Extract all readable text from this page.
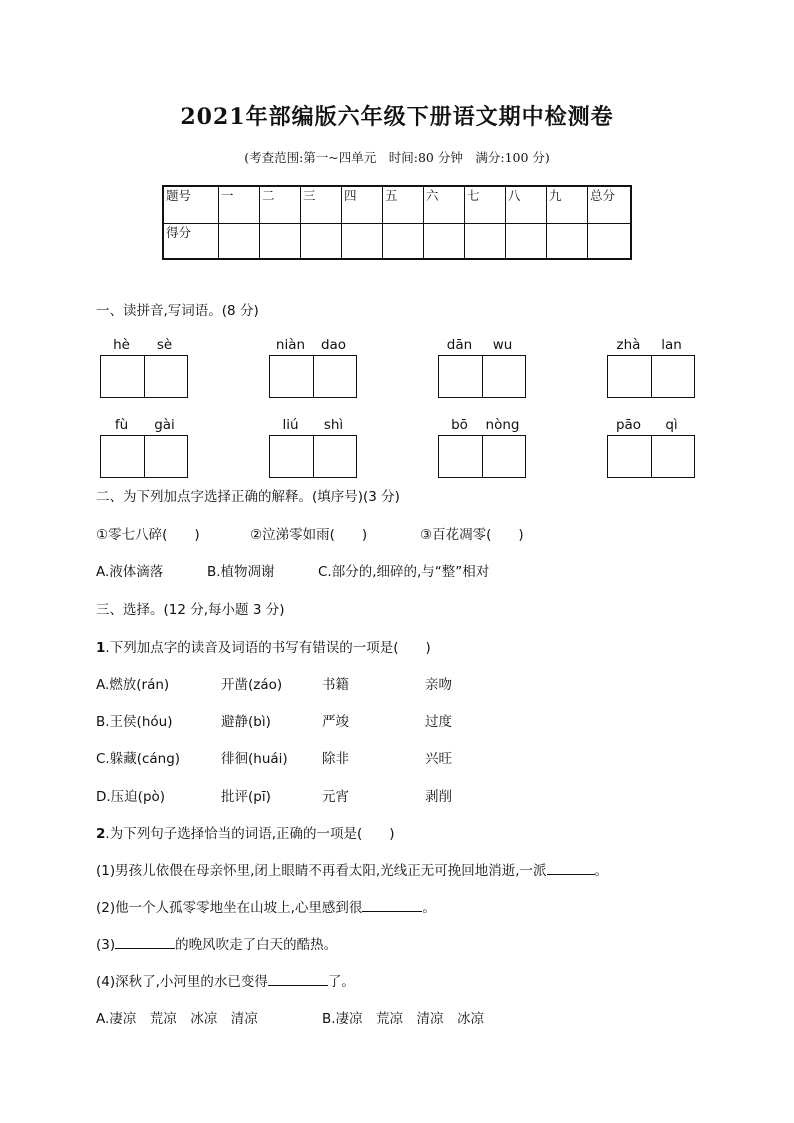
2021年部编版六年级下册语文期中检测卷
(考查范围:第一~四单元　时间:80 分钟　满分:100 分)
题号	一	二	三	四	五	六	七	八	九	总分
得分										
一、读拼音,写词语。(8 分)
hè	sè	niàn	dao	dān	wu	zhà	lan
fù	gài	liú	shì	bō	nòng	pāo	qì
二、为下列加点字选择正确的解释。(填序号)(3 分)
①零七八碎(　　)	②泣涕零如雨(　　)	③百花凋零(　　)
A.液体滴落	B.植物凋谢	C.部分的,细碎的,与“整”相对
三、选择。(12 分,每小题 3 分)
1.下列加点字的读音及词语的书写有错误的一项是(　　)
A.燃放(rán)	开凿(záo)	书籍	亲吻
B.王侯(hóu)	避静(bì)	严竣	过度
C.躲藏(cáng)	徘徊(huái)	除非	兴旺
D.压迫(pò)	批评(pī)	元宵	剥削
2.为下列句子选择恰当的词语,正确的一项是(　　)
(1)男孩儿依偎在母亲怀里,闭上眼睛不再看太阳,光线正无可挽回地消逝,一派	。
(2)他一个人孤零零地坐在山坡上,心里感到很	。
(3)	的晚风吹走了白天的酷热。
(4)深秋了,小河里的水已变得	了。
A.凄凉　荒凉　冰凉　清凉	B.凄凉　荒凉　清凉　冰凉
